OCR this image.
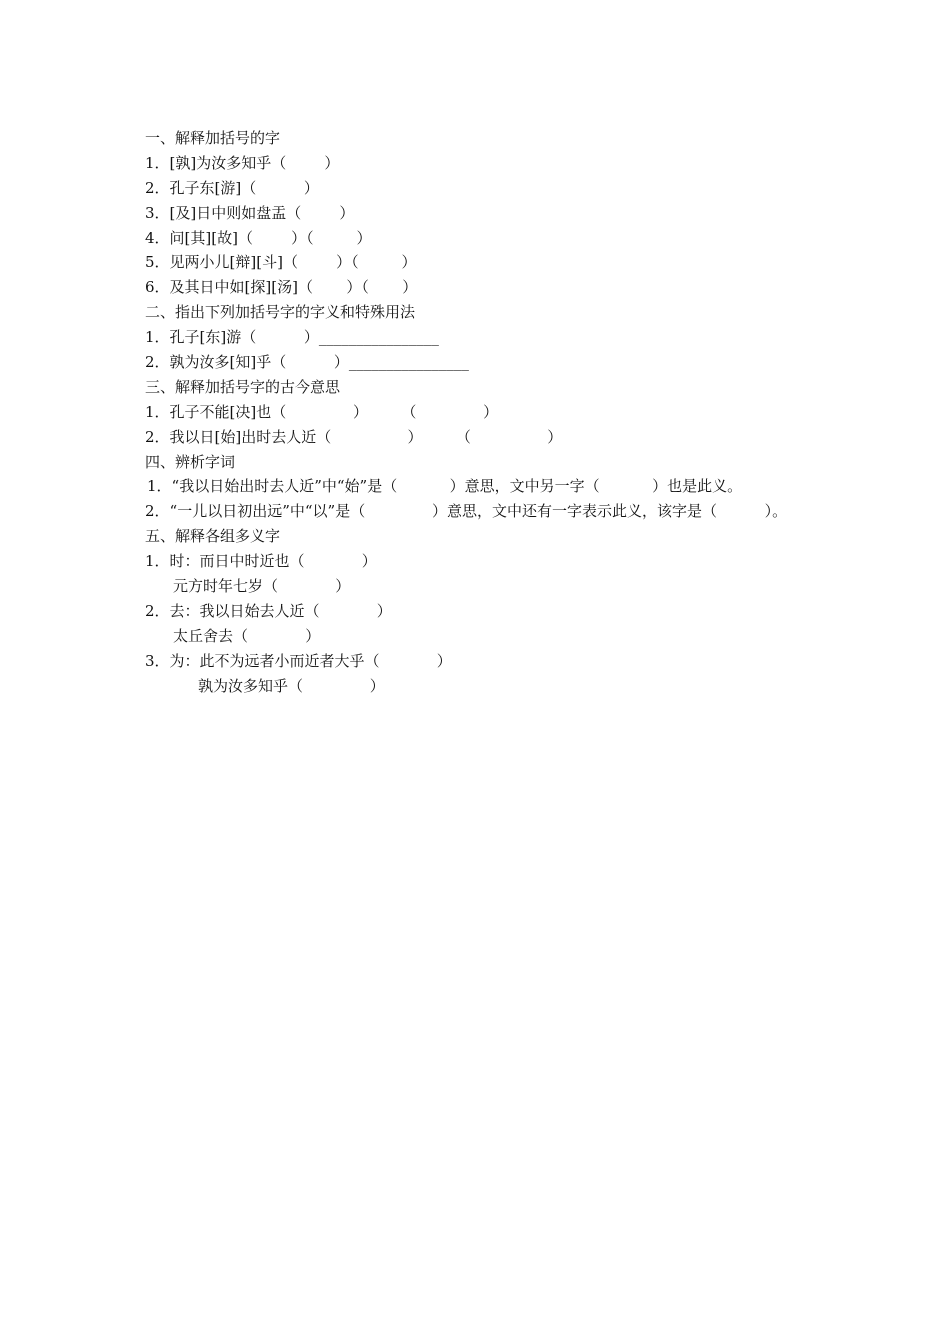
一、解释加括号的字
1．[孰]为汝多知乎（        ）
2．孔子东[游]（          ）
3．[及]日中则如盘盂（        ）
4．问[其][故]（        ）（         ）
5．见两小儿[辩][斗]（        ）（         ）
6．及其日中如[探][汤]（       ）（       ）
二、指出下列加括号字的字义和特殊用法
1．孔子[东]游（          ）________________
2．孰为汝多[知]乎（          ）________________
三、解释加括号字的古今意思
1．孔子不能[决]也（              ）       （              ）
2．我以日[始]出时去人近（                ）       （                ）
四、辨析字词
1．“我以日始出时去人近”中“始”是（           ）意思，文中另一字（           ）也是此义。
2．“一儿以日初出远”中“以”是（              ）意思，文中还有一字表示此义，该字是（          ）。
五、解释各组多义字
1．时：而日中时近也（            ）
元方时年七岁（            ）
2．去：我以日始去人近（            ）
太丘舍去（            ）
3．为：此不为远者小而近者大乎（            ）
孰为汝多知乎（              ）
